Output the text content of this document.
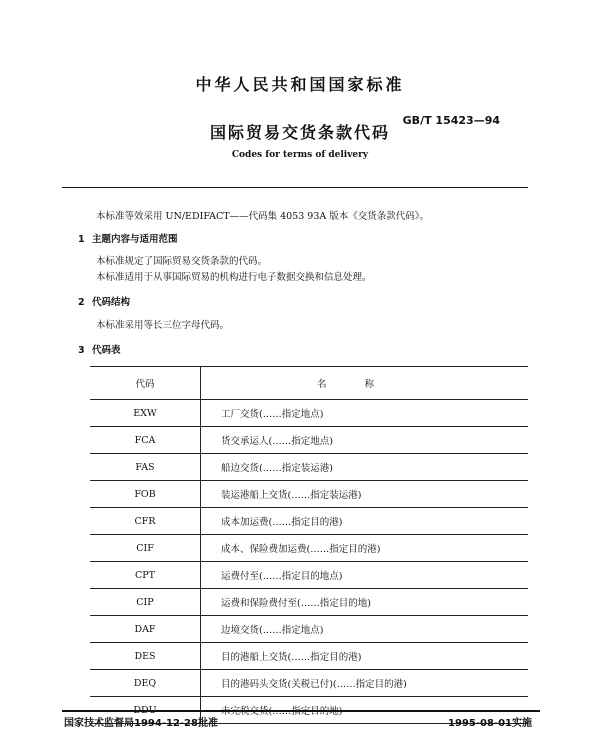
中华人民共和国国家标准
GB/T 15423—94
国际贸易交货条款代码
Codes for terms of delivery
本标准等效采用 UN/EDIFACT——代码集 4053 93A 版本《交货条款代码》。
1 主题内容与适用范围
本标准规定了国际贸易交货条款的代码。
本标准适用于从事国际贸易的机构进行电子数据交换和信息处理。
2 代码结构
本标准采用等长三位字母代码。
3 代码表
代码	名称
EXW	工厂交货(……指定地点)
FCA	货交承运人(……指定地点)
FAS	船边交货(……指定装运港)
FOB	装运港船上交货(……指定装运港)
CFR	成本加运费(……指定目的港)
CIF	成本、保险费加运费(……指定目的港)
CPT	运费付至(……指定目的地点)
CIP	运费和保险费付至(……指定目的地)
DAF	边境交货(……指定地点)
DES	目的港船上交货(……指定目的港)
DEQ	目的港码头交货(关税已付)(……指定目的港)
DDU	未完税交货(……指定目的地)
国家技术监督局1994-12-28批准	1995-08-01实施
